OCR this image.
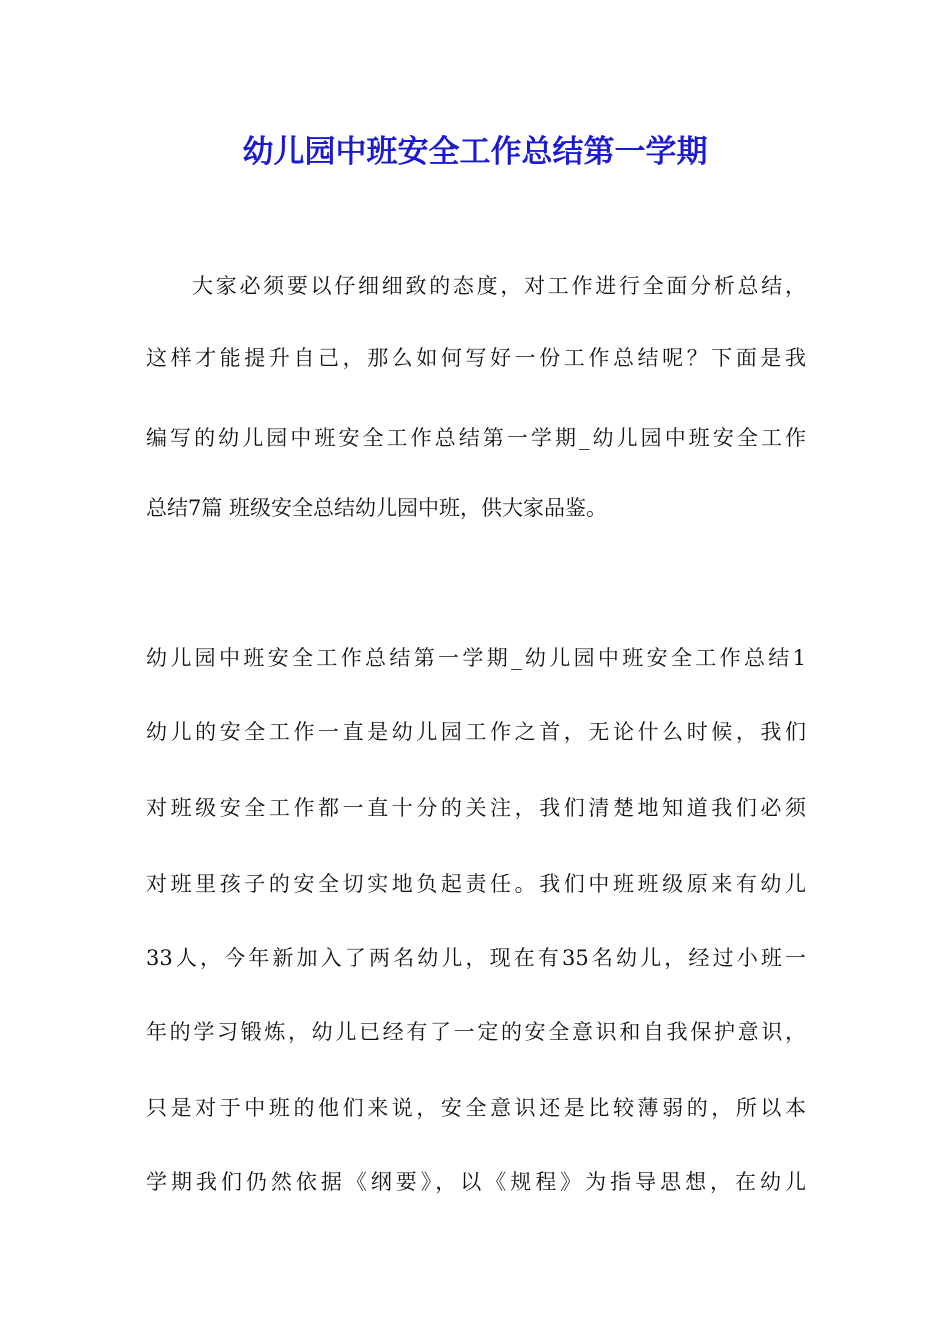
幼儿园中班安全工作总结第一学期
大家必须要以仔细细致的态度，对工作进行全面分析总结，
这样才能提升自己，那么如何写好一份工作总结呢？下面是我
编写的幼儿园中班安全工作总结第一学期_幼儿园中班安全工作
总结7篇 班级安全总结幼儿园中班，供大家品鉴。
幼儿园中班安全工作总结第一学期_幼儿园中班安全工作总结1
幼儿的安全工作一直是幼儿园工作之首，无论什么时候，我们
对班级安全工作都一直十分的关注，我们清楚地知道我们必须
对班里孩子的安全切实地负起责任。我们中班班级原来有幼儿
33人，今年新加入了两名幼儿，现在有35名幼儿，经过小班一
年的学习锻炼，幼儿已经有了一定的安全意识和自我保护意识，
只是对于中班的他们来说，安全意识还是比较薄弱的，所以本
学期我们仍然依据《纲要》，以《规程》为指导思想，在幼儿
